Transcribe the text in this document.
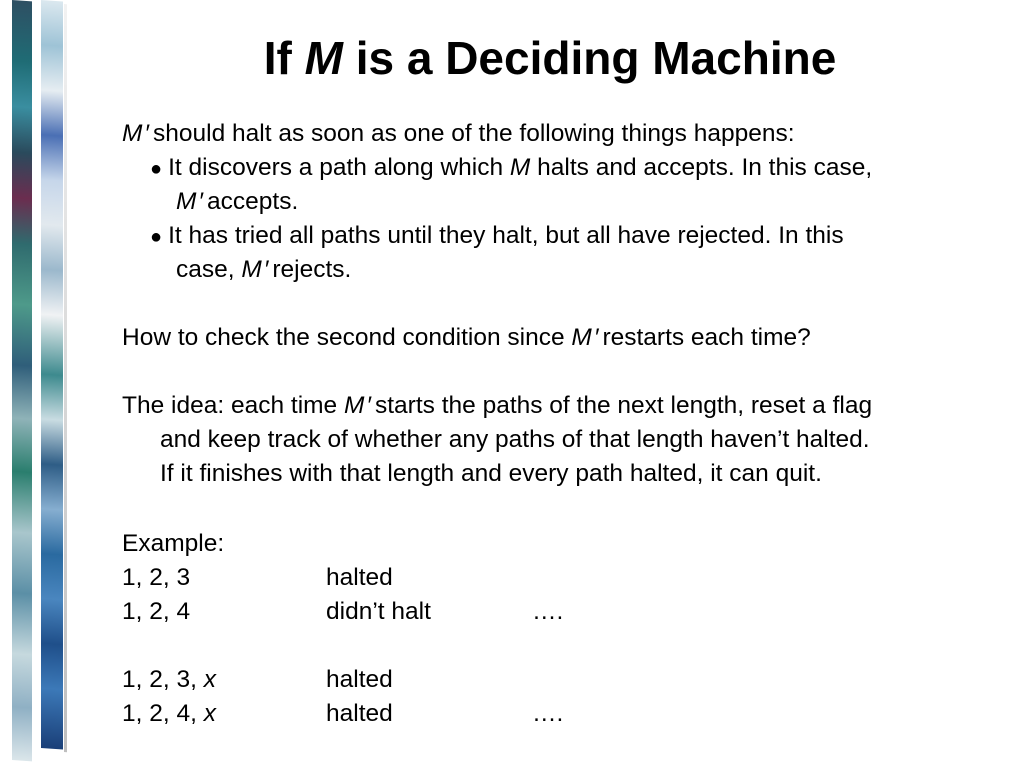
If M is a Deciding Machine
M′ should halt as soon as one of the following things happens:
● It discovers a path along which M halts and accepts. In this case,
M′ accepts.
● It has tried all paths until they halt, but all have rejected. In this
case, M′ rejects.
How to check the second condition since M′ restarts each time?
The idea: each time M′ starts the paths of the next length, reset a flag
and keep track of whether any paths of that length haven’t halted.
If it finishes with that length and every path halted, it can quit.
Example:
1, 2, 3	halted
1, 2, 4	didn’t halt	….
1, 2, 3, x	halted
1, 2, 4, x	halted	….
